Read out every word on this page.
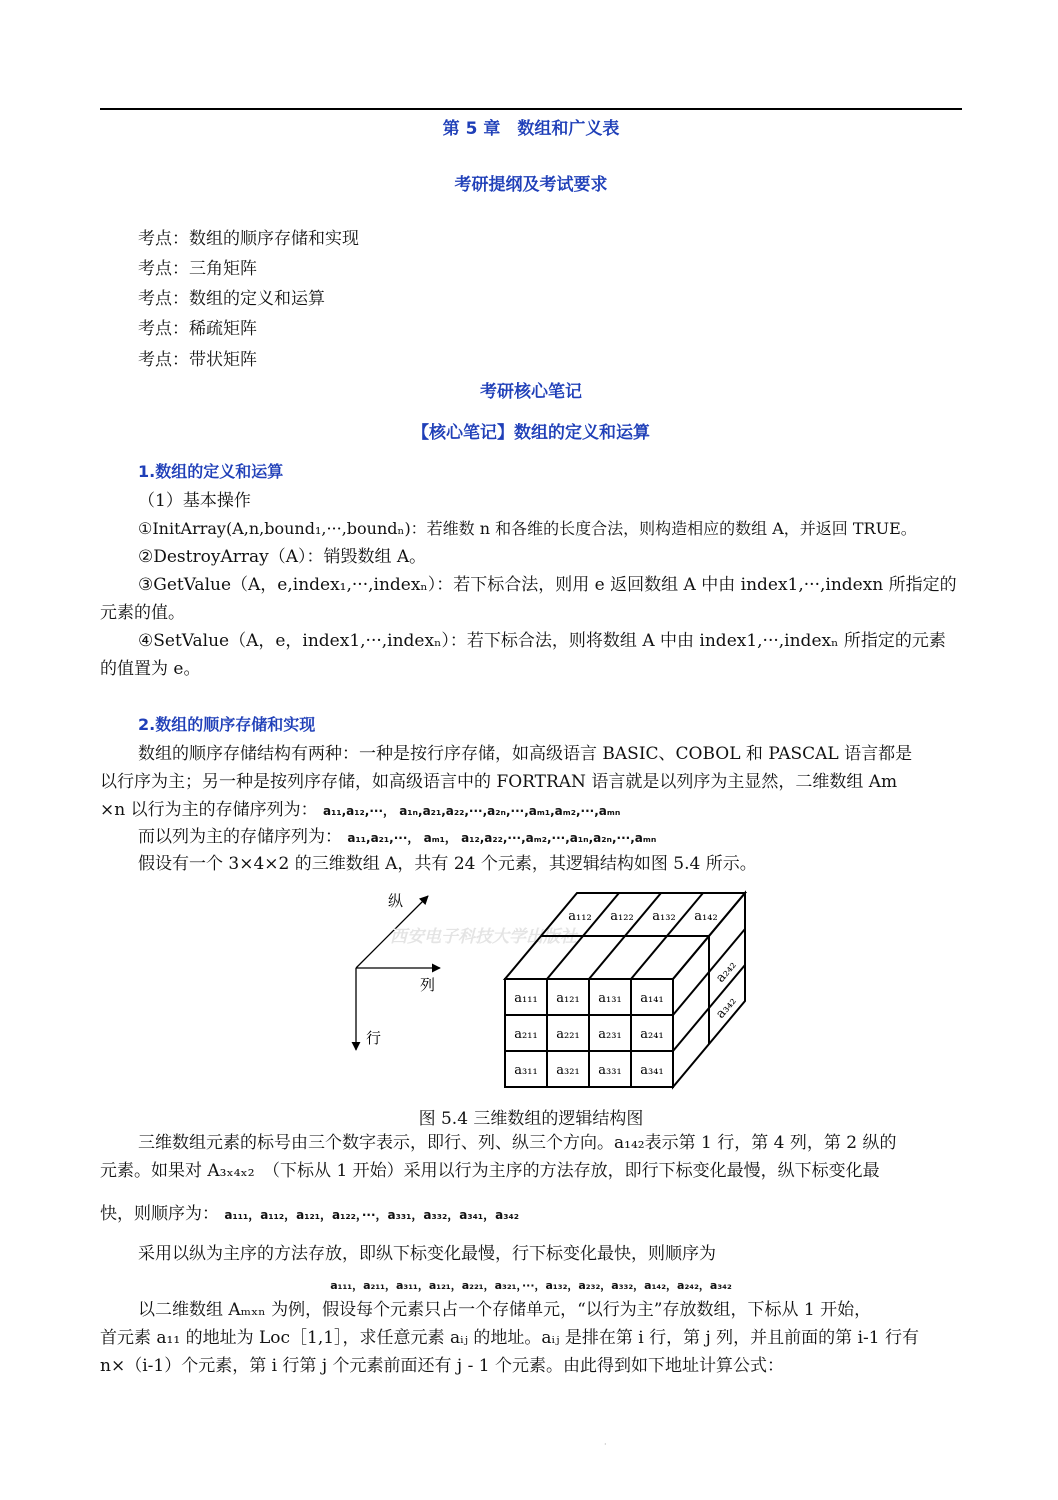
第 5 章　数组和广义表
考研提纲及考试要求
考点：数组的顺序存储和实现
考点：三角矩阵
考点：数组的定义和运算
考点：稀疏矩阵
考点：带状矩阵
考研核心笔记
【核心笔记】数组的定义和运算
1.数组的定义和运算
（1）基本操作
①InitArray(A,n,bound₁,···,boundₙ)：若维数 n 和各维的长度合法，则构造相应的数组 A，并返回 TRUE。
②DestroyArray（A）：销毁数组 A。
③GetValue（A，e,index₁,···,indexₙ）：若下标合法，则用 e 返回数组 A 中由 index1,···,indexn 所指定的
元素的值。
④SetValue（A，e，index1,···,indexₙ）：若下标合法，则将数组 A 中由 index1,···,indexₙ 所指定的元素
的值置为 e。
2.数组的顺序存储和实现
数组的顺序存储结构有两种：一种是按行序存储，如高级语言 BASIC、COBOL 和 PASCAL 语言都是
以行序为主；另一种是按列序存储，如高级语言中的 FORTRAN 语言就是以列序为主显然，二维数组 Am
×n 以行为主的存储序列为： a₁₁,a₁₂,···， a₁ₙ,a₂₁,a₂₂,···,a₂ₙ,···,aₘ₁,aₘ₂,···,aₘₙ
而以列为主的存储序列为： a₁₁,a₂₁,···， aₘ₁， a₁₂,a₂₂,···,aₘ₂,···,a₁ₙ,a₂ₙ,···,aₘₙ
假设有一个 3×4×2 的三维数组 A，共有 24 个元素，其逻辑结构如图 5.4 所示。
纵
列
行
西安电子科技大学出版社
a₁₁₁ a₁₂₁ a₁₃₁ a₁₄₁
a₂₁₁ a₂₂₁ a₂₃₁ a₂₄₁
a₃₁₁ a₃₂₁ a₃₃₁ a₃₄₁
a₁₁₂ a₁₂₂ a₁₃₂ a₁₄₂
a₂₄₂
a₃₄₂
图 5.4 三维数组的逻辑结构图
三维数组元素的标号由三个数字表示，即行、列、纵三个方向。a₁₄₂表示第 1 行，第 4 列，第 2 纵的
元素。如果对 A₃ₓ₄ₓ₂　（下标从 1 开始）采用以行为主序的方法存放，即行下标变化最慢，纵下标变化最
快，则顺序为： a₁₁₁，a₁₁₂，a₁₂₁，a₁₂₂，···，a₃₃₁，a₃₃₂，a₃₄₁，a₃₄₂
采用以纵为主序的方法存放，即纵下标变化最慢，行下标变化最快，则顺序为
a₁₁₁，a₂₁₁，a₃₁₁，a₁₂₁，a₂₂₁，a₃₂₁，···，a₁₃₂，a₂₃₂，a₃₃₂，a₁₄₂，a₂₄₂，a₃₄₂
以二维数组 Aₘₓₙ 为例，假设每个元素只占一个存储单元，“以行为主”存放数组，下标从 1 开始，
首元素 a₁₁ 的地址为 Loc［1,1］，求任意元素 aᵢⱼ 的地址。aᵢⱼ 是排在第 i 行，第 j 列，并且前面的第 i-1 行有
n×（i-1）个元素，第 i 行第 j 个元素前面还有 j - 1 个元素。由此得到如下地址计算公式：
·
